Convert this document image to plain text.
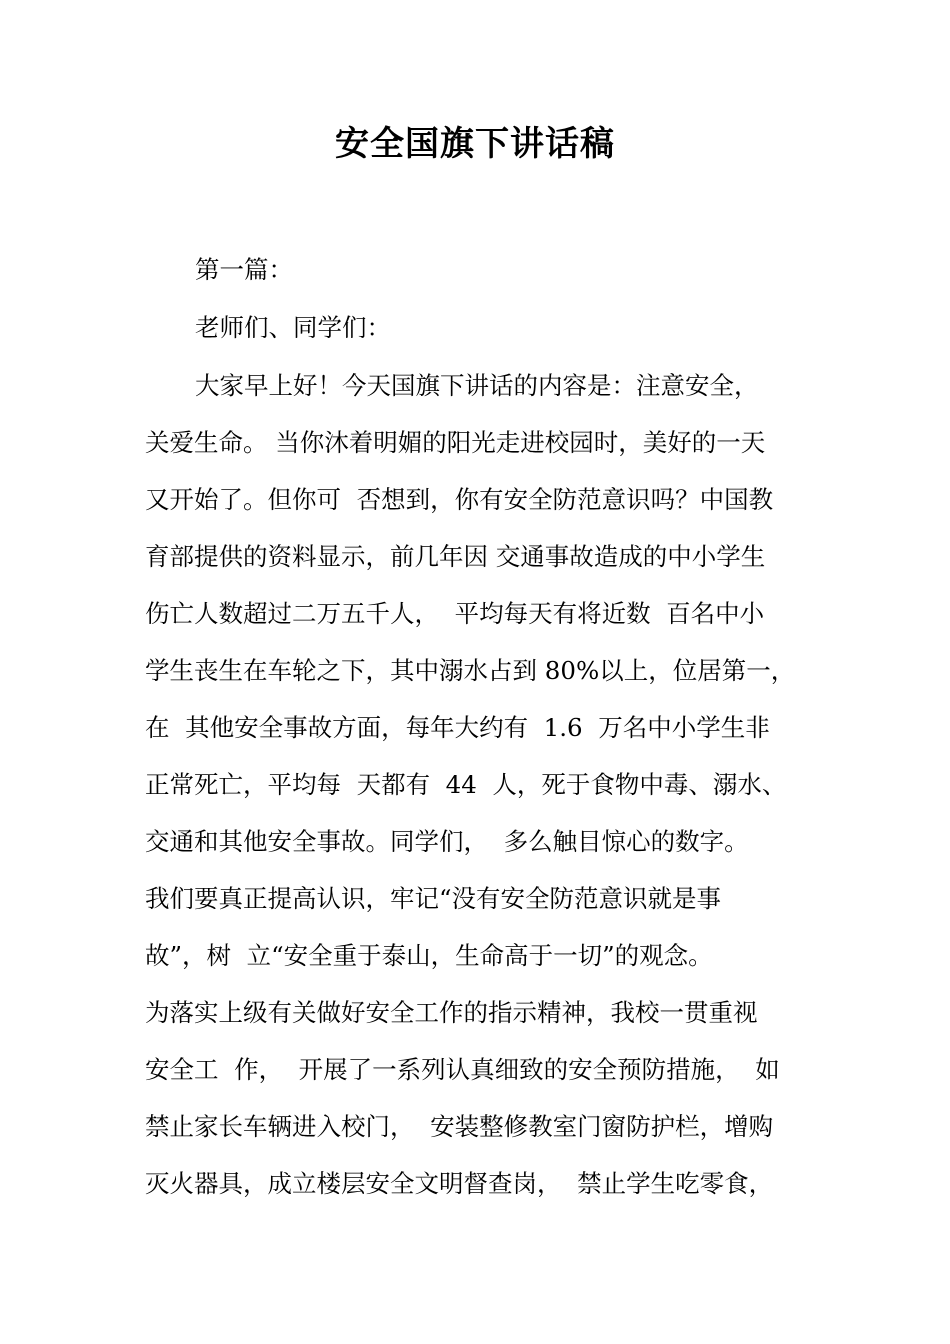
安全国旗下讲话稿
第一篇：
老师们、同学们：
大家早上好！今天国旗下讲话的内容是：注意安全，
关爱生命。 当你沐着明媚的阳光走进校园时，美好的一天
又开始了。但你可  否想到，你有安全防范意识吗？中国教
育部提供的资料显示，前几年因 交通事故造成的中小学生
伤亡人数超过二万五千人，  平均每天有将近数  百名中小
学生丧生在车轮之下，其中溺水占到 80%以上，位居第一，
在  其他安全事故方面，每年大约有  1.6  万名中小学生非
正常死亡，平均每  天都有  44  人，死于食物中毒、溺水、
交通和其他安全事故。同学们，  多么触目惊心的数字。
我们要真正提高认识，牢记“没有安全防范意识就是事
故”，树  立“安全重于泰山，生命高于一切”的观念。
为落实上级有关做好安全工作的指示精神，我校一贯重视
安全工  作，  开展了一系列认真细致的安全预防措施，  如
禁止家长车辆进入校门，  安装整修教室门窗防护栏，增购
灭火器具，成立楼层安全文明督查岗，  禁止学生吃零食，
